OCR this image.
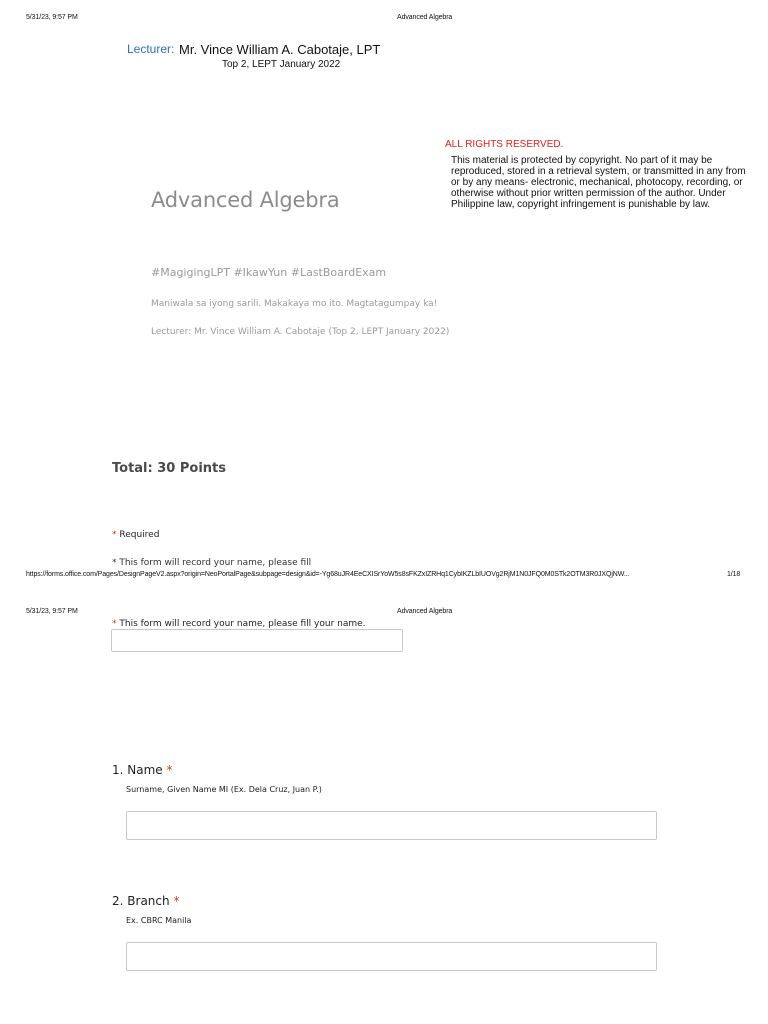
5/31/23, 9:57 PM	Advanced Algebra
Lecturer: Mr. Vince William A. Cabotaje, LPT
Top 2, LEPT January 2022
ALL RIGHTS RESERVED.
This material is protected by copyright. No part of it may be reproduced, stored in a retrieval system, or transmitted in any from or by any means- electronic, mechanical, photocopy, recording, or otherwise without prior written permission of the author. Under Philippine law, copyright infringement is punishable by law.
Advanced Algebra
#MagigingLPT #IkawYun #LastBoardExam
Maniwala sa iyong sarili. Makakaya mo ito. Magtatagumpay ka!
Lecturer: Mr. Vince William A. Cabotaje (Top 2, LEPT January 2022)
Total: 30 Points
* Required
* This form will record your name, please fill
https://forms.office.com/Pages/DesignPageV2.aspx?origin=NeoPortalPage&subpage=design&id=-Yg68uJR4EeCXISrYoW5s8sFKZxIZRHq1CybIKZLbIUOVg2RjM1N0JFQ0M0STk2OTM3R0JXQjNW...	1/18
5/31/23, 9:57 PM	Advanced Algebra
* This form will record your name, please fill your name.
1. Name *
Surname, Given Name MI (Ex. Dela Cruz, Juan P.)
2. Branch *
Ex. CBRC Manila
